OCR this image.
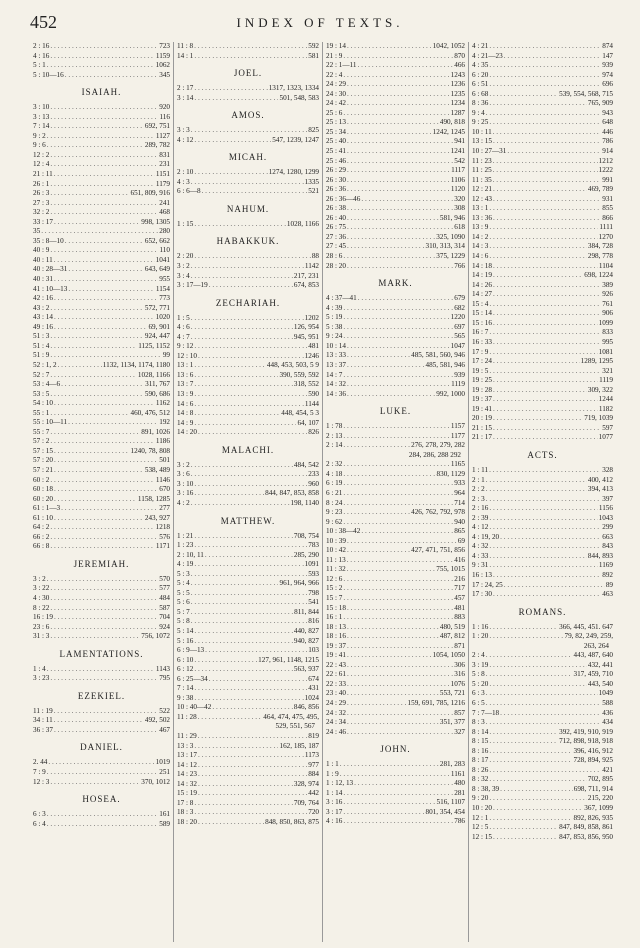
452	INDEX OF TEXTS.
2 : 16 . . .	723
4 : 16 . . .	1159
5 : 1 . . .	1062
5 : 10—16 . . .	345
ISAIAH.
3 : 10 . . .	920
3 : 13 . . .	116
7 : 14 . . .	692, 751
9 : 2 . . .	1127
9 : 6 . . .	289, 782
12 : 2 . . .	831
12 : 4 . . .	231
21 : 11 . . .	1151
26 : 1 . . .	1179
26 : 3 . . .	651, 809, 916
27 : 3 . . .	241
32 : 2 . . .	468
33 : 17 . . .	998, 1305
35 . . .	280
35 : 8—10 . . .	652, 662
40 : 9 . . .	110
40 : 11 . . .	1041
40 : 28—31 . . .	643, 649
40 : 31 . . .	955
41 : 10—13 . . .	1154
42 : 16 . . .	773
43 : 2 . . .	572, 771
43 : 14 . . .	1020
49 : 16 . . .	69, 901
51 : 3 . . .	924, 447
51 : 4 . . .	1125, 1152
51 : 9 . . .	99
52 : 1, 2 . . .	1132, 1134, 1174, 1180
52 : 7 . . .	1028, 1166
53 : 4—6 . . .	311, 767
53 : 5 . . .	590, 686
54 : 10 . . .	1162
55 : 1 . . .	460, 476, 512
55 : 10—11 . . .	192
55 : 7 . . .	891, 1026
57 : 2 . . .	1186
57 : 15 . . .	1240, 78, 808
57 : 20 . . .	501
57 : 21 . . .	538, 489
60 : 2 . . .	1146
60 : 18 . . .	670
60 : 20 . . .	1158, 1285
61 : 1—3 . . .	277
61 : 10 . . .	243, 927
64 : 2 . . .	1218
66 : 2 . . .	576
66 : 8 . . .	1171
JEREMIAH.
3 : 2 . . .	570
3 : 22 . . .	577
4 : 30 . . .	484
8 : 22 . . .	587
16 : 19 . . .	704
23 : 6 . . .	924
31 : 3 . . .	756, 1072
LAMENTATIONS.
1 : 4 . . .	1143
3 : 23 . . .	795
EZEKIEL.
11 : 19 . . .	522
34 : 11 . . .	492, 502
36 : 37 . . .	467
DANIEL.
2. 44 . . .	1019
7 : 9 . . .	251
12 : 3 . . .	370, 1012
HOSEA.
6 : 3 . . .	161
6 : 4 . . .	589
11 : 8 . . .	592
14 : 1 . . .	581
JOEL.
2 : 17 . . .	1317, 1323, 1334
3 : 14 . . .	501, 548, 583
AMOS.
3 : 3 . . .	825
4 : 12 . . .	547, 1239, 1247
MICAH.
2 : 10 . . .	1274, 1280, 1299
4 : 3 . . .	1335
6 : 6—8 . . .	521
NAHUM.
1 : 15 . . .	1028, 1166
HABAKKUK.
2 : 20 . . .	88
3 : 2 . . .	1142
3 : 4 . . .	217, 231
3 : 17—19 . . .	674, 853
ZECHARIAH.
1 : 5 . . .	1202
4 : 6 . . .	126, 954
4 : 7 . . .	945, 951
9 : 12 . . .	481
12 : 10 . . .	1246
13 : 1 . . .	448, 453, 503, 5 9
13 : 6 . . .	390, 559, 592
13 : 7 . . .	318, 552
13 : 9 . . .	590
14 : 6 . . .	1144
14 : 8 . . .	448, 454, 5 3
14 : 9 . . .	64, 107
14 : 20 . . .	826
MALACHI.
3 : 2 . . .	484, 542
3 : 6 . . .	233
3 : 10 . . .	960
3 : 16 . . .	844, 847, 853, 858
4 : 2 . . .	198, 1140
MATTHEW.
1 : 21 . . .	708, 754
1 : 23 . . .	783
2 : 10, 11 . . .	285, 290
4 : 19 . . .	1091
5 : 3 . . .	593
5 : 4 . . .	961, 964, 966
5 : 5 . . .	798
5 : 6 . . .	541
5 : 7 . . .	811, 844
5 : 8 . . .	816
5 : 14 . . .	440, 827
5 : 16 . . .	940, 827
6 : 9—13 . . .	103
6 : 10 . . .	127, 961, 1148, 1215
6 : 12 . . .	563, 937
6 : 25—34 . . .	674
7 : 14 . . .	431
9 : 38 . . .	1024
10 : 40—42 . . .	846, 856
11 : 28 . . .	464, 474, 475, 495,
529, 551, 567
11 : 29 . . .	819
13 : 3 . . .	162, 185, 187
13 : 17 . . .	1173
14 : 12 . . .	977
14 : 23 . . .	884
14 : 32 . . .	328, 974
15 : 19 . . .	442
17 : 8 . . .	709, 764
18 : 3 . . .	720
18 : 20 . . .	848, 850, 863, 875
19 : 14 . . .	1042, 1052
21 : 9 . . .	870
22 : 1—11 . . .	466
22 : 4 . . .	1243
24 : 29 . . .	1236
24 : 30 . . .	1235
24 : 42 . . .	1234
25 : 6 . . .	1287
25 : 13 . . .	490, 818
25 : 34 . . .	1242, 1245
25 : 40 . . .	941
25 : 41 . . .	1241
25 : 46 . . .	542
26 : 29 . . .	1117
26 : 30 . . .	1106
26 : 36 . . .	1120
26 : 36—46 . . .	320
26 : 38 . . .	308
26 : 40 . . .	581, 946
26 : 75 . . .	618
27 : 36 . . .	325, 1090
27 : 45 . . .	310, 313, 314
28 : 6 . . .	375, 1229
28 : 20 . . .	766
MARK.
4 : 37—41 . . .	679
4 : 39 . . .	682
5 : 19 . . .	1220
5 : 38 . . .	697
9 : 24 . . .	565
10 : 14 . . .	1047
13 : 33 . . .	485, 581, 560, 946
13 : 37 . . .	485, 581, 946
14 : 7 . . .	939
14 : 32 . . .	1119
14 : 36 . . .	992, 1000
LUKE.
1 : 78 . . .	1157
2 : 13 . . .	1177
2 : 14 . . .	276, 278, 279, 282
284, 286, 288 292
2 : 32 . . .	1165
4 : 18 . . .	830, 1129
6 : 19 . . .	933
6 : 21 . . .	964
8 : 24 . . .	714
9 : 23 . . .	426, 762, 792, 978
9 : 62 . . .	940
10 : 38—42 . . .	865
10 : 39 . . .	69
10 : 42 . . .	427, 471, 751, 856
11 : 13 . . .	416
11 : 32 . . .	755, 1015
12 : 6 . . .	216
15 : 2 . . .	717
15 : 7 . . .	457
15 : 18 . . .	481
16 : 1 . . .	883
18 : 13 . . .	480, 519
18 : 16 . . .	487, 812
19 : 37 . . .	871
19 : 41 . . .	1054, 1050
22 : 43 . . .	306
22 : 61 . . .	316
22 : 33 . . .	1076
23 : 40 . . .	553, 721
24 : 29 . . .	159, 691, 785, 1216
24 : 32 . . .	857
24 : 34 . . .	351, 377
24 : 46 . . .	327
JOHN.
1 : 1 . . .	281, 283
1 : 9 . . .	1161
1 : 12, 13 . . .	480
1 : 14 . . .	281
3 : 16 . . .	516, 1107
3 : 17 . . .	801, 354, 454
4 : 16 . . .	786
4 : 21 . . .	874
4 : 21—23 . . .	147
4 : 35 . . .	939
6 : 20 . . .	974
6 : 51 . . .	696
6 : 68 . . .	539, 554, 568, 715
8 : 36 . . .	765, 909
9 : 4 . . .	943
9 : 25 . . .	648
10 : 11 . . .	446
13 : 15 . . .	786
10 : 27—31 . . .	914
11 : 23 . . .	1212
11 : 25 . . .	1222
11 : 35 . . .	991
12 : 21 . . .	469, 789
12 : 43 . . .	931
13 : 1 . . .	855
13 : 36 . . .	866
13 : 9 . . .	1111
14 : 2 . . .	1270
14 : 3 . . .	384, 728
14 : 6 . . .	298, 778
14 : 18 . . .	1104
14 : 19 . . .	698, 1224
14 : 26 . . .	389
14 : 27 . . .	926
15 : 4 . . .	761
15 : 14 . . .	906
15 : 16 . . .	1099
16 : 7 . . .	833
16 : 33 . . .	995
17 : 9 . . .	1081
17 : 24 . . .	1289, 1295
19 : 5 . . .	321
19 : 25 . . .	1119
19 : 28 . . .	309, 322
19 : 37 . . .	1244
19 : 41 . . .	1182
20 : 19 . . .	719, 1039
21 : 15 . . .	597
21 : 17 . . .	1077
ACTS.
1 : 11 . . .	328
2 : 1 . . .	400, 412
2 : 2 . . .	394, 413
2 : 3 . . .	397
2 : 16 . . .	1156
2 : 39 . . .	1043
4 : 12 . . .	299
4 : 19, 20 . . .	663
4 : 32 . . .	843
4 : 33 . . .	844, 893
9 : 31 . . .	1169
16 : 13 . . .	892
17 : 24, 25 . . .	89
17 : 30 . . .	463
ROMANS.
1 : 16 . . .	366, 445, 451. 647
1 : 20 . . .	79, 82, 249, 259,
263, 264
2 : 4 . . .	443, 487, 640
3 : 19 . . .	432, 441
5 : 8 . . .	317, 459, 710
5 : 20 . . .	443, 540
6 : 3 . . .	1049
6 : 5 . . .	588
7 : 7—18 . . .	436
8 : 3 . . .	434
8 : 14 . . .	392, 419, 910, 919
8 : 15 . . .	712, 898, 918, 918
8 : 16 . . .	396, 416, 912
8 : 17 . . .	728, 894, 925
8 : 26 . . .	421
8 : 32 . . .	702, 895
8 : 38, 39 . . .	698, 711, 914
9 : 20 . . .	215, 220
10 : 20 . . .	367, 1099
12 : 1 . . .	892, 826, 935
12 : 5 . . .	847, 849, 858, 861
12 : 15 . . .	847, 853, 856, 950
